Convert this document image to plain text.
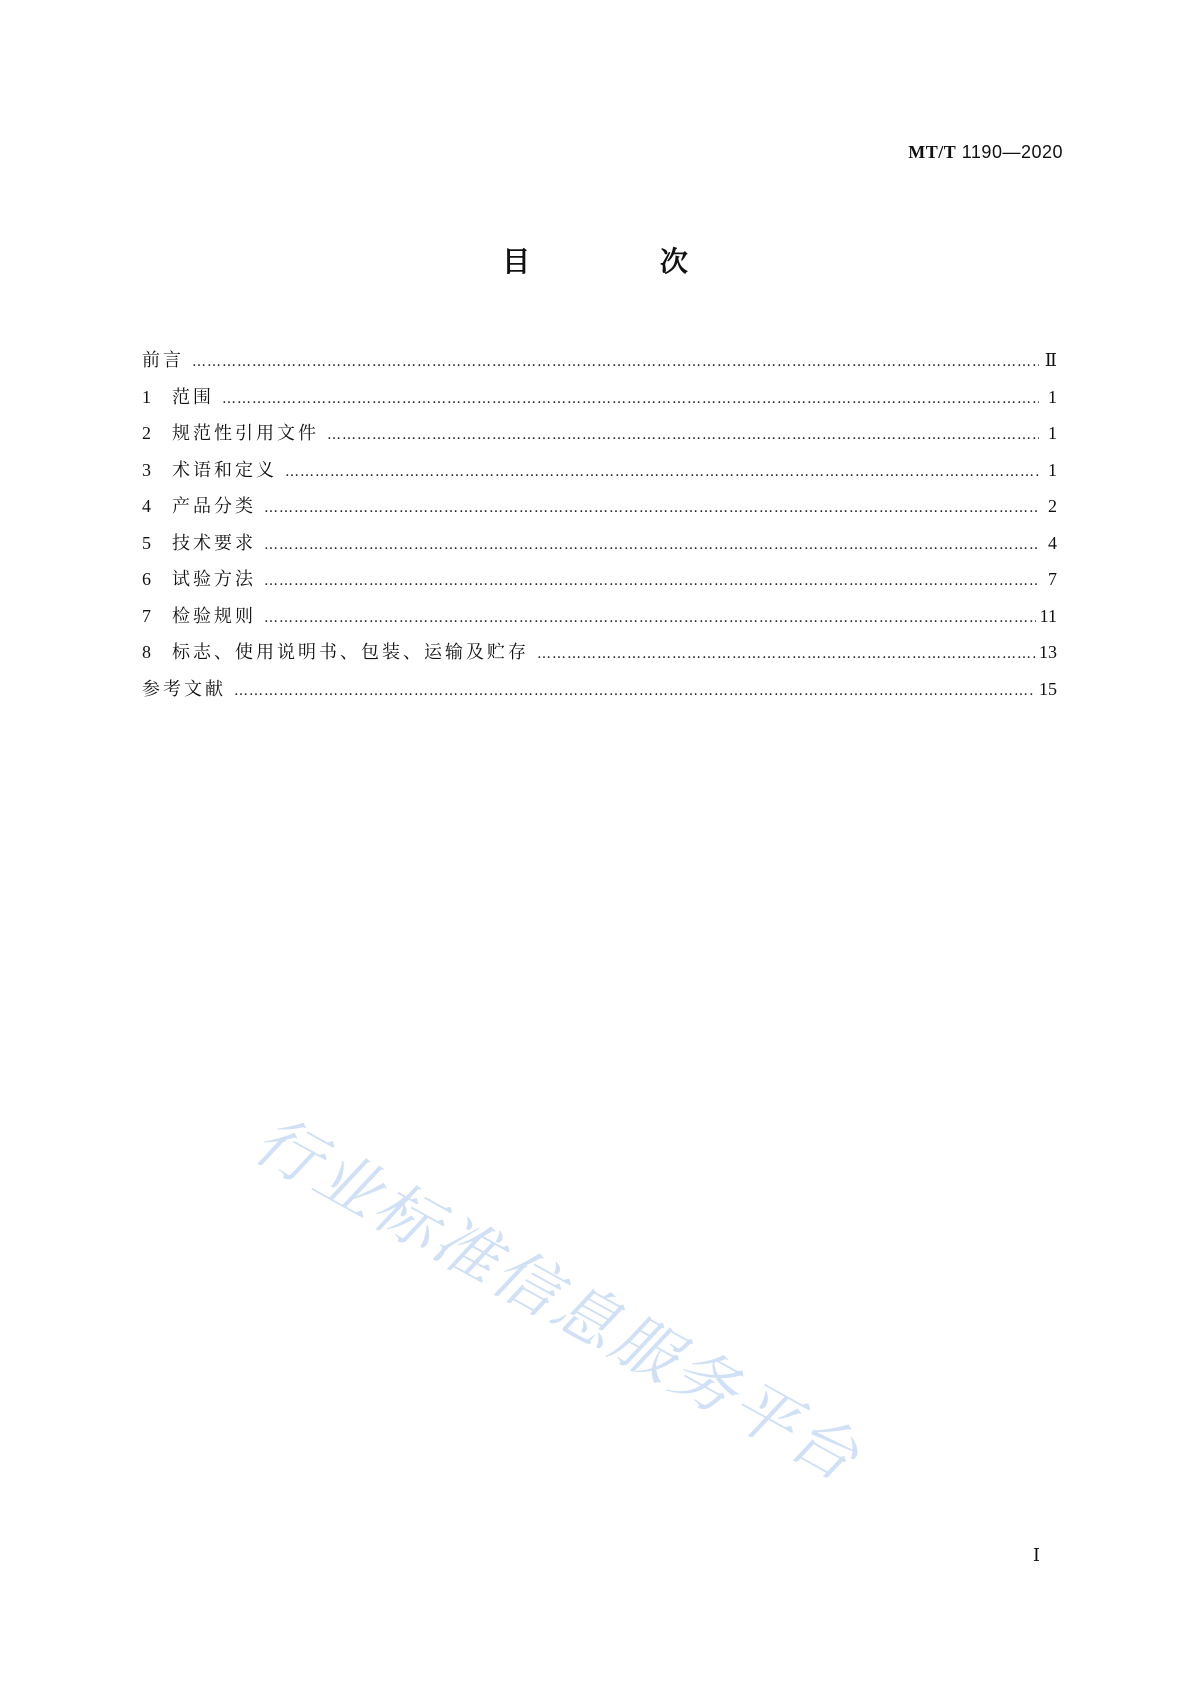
MT/T 1190—2020
目 次
前言 …………………………………………………………………………………………………………………………………………………………………………………………………………………………………	Ⅱ
1	范围 …………………………………………………………………………………………………………………………………………………………………………………………………………………………………	1
2	规范性引用文件 …………………………………………………………………………………………………………………………………………………………………………………………………………………………………	1
3	术语和定义 …………………………………………………………………………………………………………………………………………………………………………………………………………………………………	1
4	产品分类 …………………………………………………………………………………………………………………………………………………………………………………………………………………………………	2
5	技术要求 …………………………………………………………………………………………………………………………………………………………………………………………………………………………………	4
6	试验方法 …………………………………………………………………………………………………………………………………………………………………………………………………………………………………	7
7	检验规则 …………………………………………………………………………………………………………………………………………………………………………………………………………………………………	11
8	标志、使用说明书、包装、运输及贮存 …………………………………………………………………………………………………………………………………………………………………………………………………………………………………	13
参考文献 …………………………………………………………………………………………………………………………………………………………………………………………………………………………………	15
行业标准信息服务平台
Ⅰ
